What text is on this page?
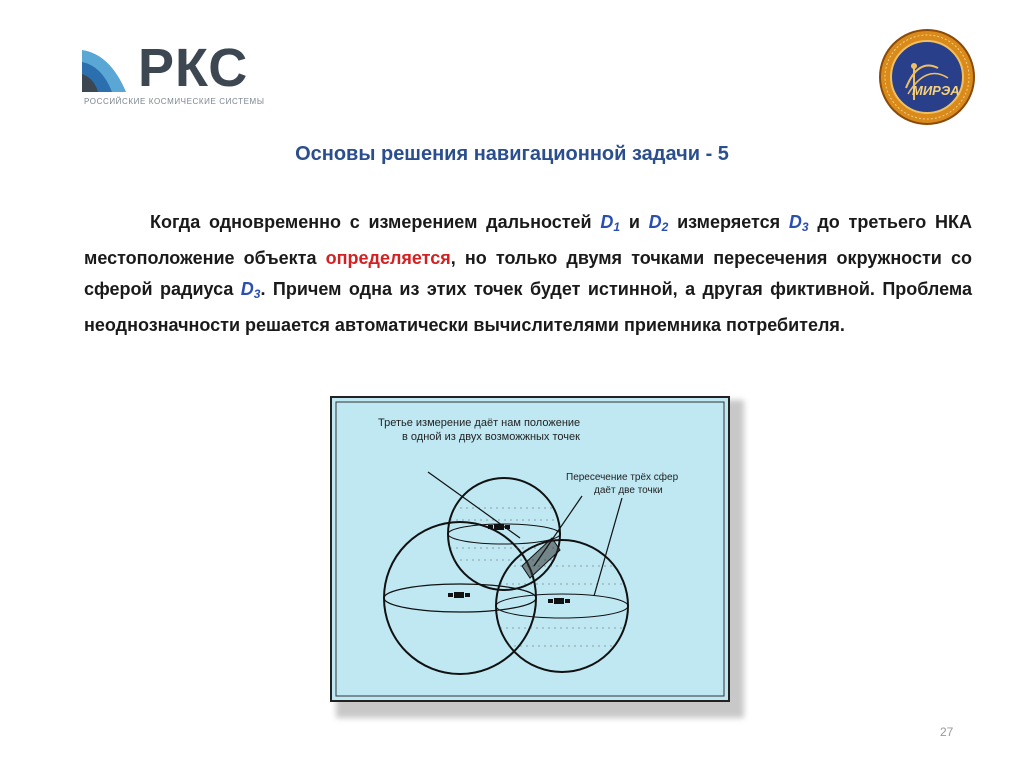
РКС
РОССИЙСКИЕ КОСМИЧЕСКИЕ СИСТЕМЫ
МИРЭА
Основы решения навигационной задачи - 5
Когда одновременно с измерением дальностей $D_1$ и $D_2$ измеряется $D_3$ до третьего НКА местоположение объекта определяется, но только двумя точками пересечения окружности со сферой радиуса $D_3$. Причем одна из этих точек будет истинной, а другая фиктивной. Проблема неоднозначности решается автоматически вычислителями приемника потребителя.
Третье измерение даёт нам положение
в одной из двух возможжных точек
Пересечение трёх сфер
даёт две точки
27
